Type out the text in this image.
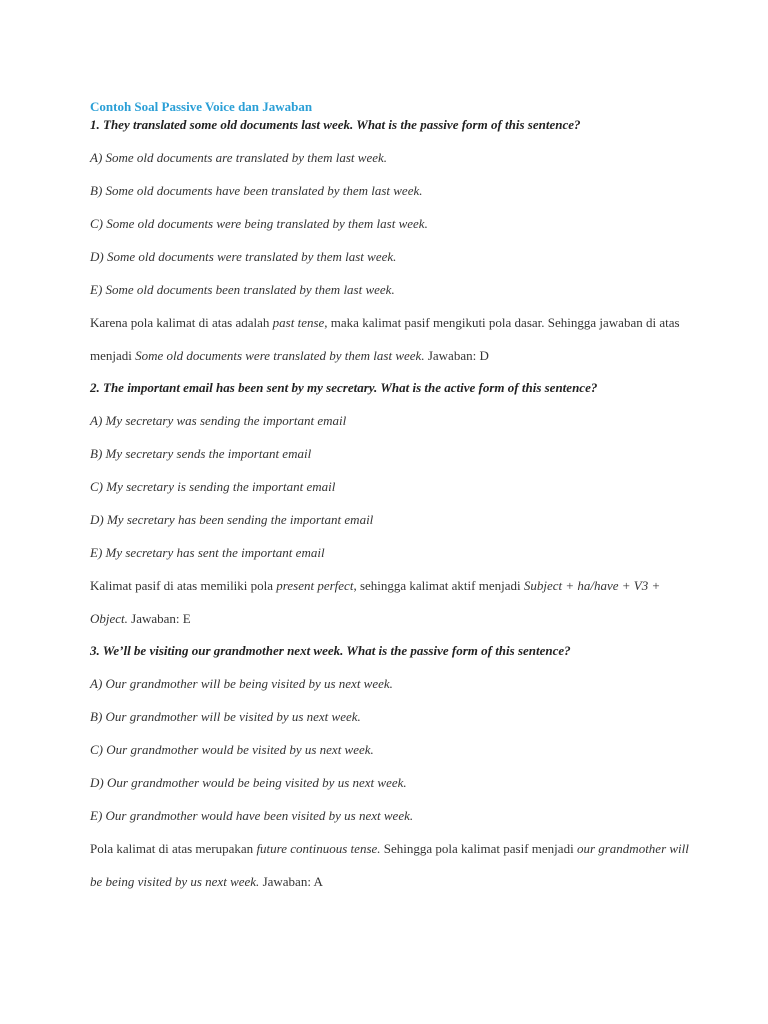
Contoh Soal Passive Voice dan Jawaban

1. They translated some old documents last week. What is the passive form of this sentence?

A) Some old documents are translated by them last week.

B) Some old documents have been translated by them last week.

C) Some old documents were being translated by them last week.

D) Some old documents were translated by them last week.

E) Some old documents been translated by them last week.

Karena pola kalimat di atas adalah past tense, maka kalimat pasif mengikuti pola dasar. Sehingga jawaban di atas menjadi Some old documents were translated by them last week. Jawaban: D

2. The important email has been sent by my secretary. What is the active form of this sentence?

A) My secretary was sending the important email

B) My secretary sends the important email

C) My secretary is sending the important email

D) My secretary has been sending the important email

E) My secretary has sent the important email

Kalimat pasif di atas memiliki pola present perfect, sehingga kalimat aktif menjadi Subject + ha/have + V3 + Object. Jawaban: E

3. We’ll be visiting our grandmother next week. What is the passive form of this sentence?

A) Our grandmother will be being visited by us next week.

B) Our grandmother will be visited by us next week.

C) Our grandmother would be visited by us next week.

D) Our grandmother would be being visited by us next week.

E) Our grandmother would have been visited by us next week.

Pola kalimat di atas merupakan future continuous tense. Sehingga pola kalimat pasif menjadi our grandmother will be being visited by us next week. Jawaban: A
